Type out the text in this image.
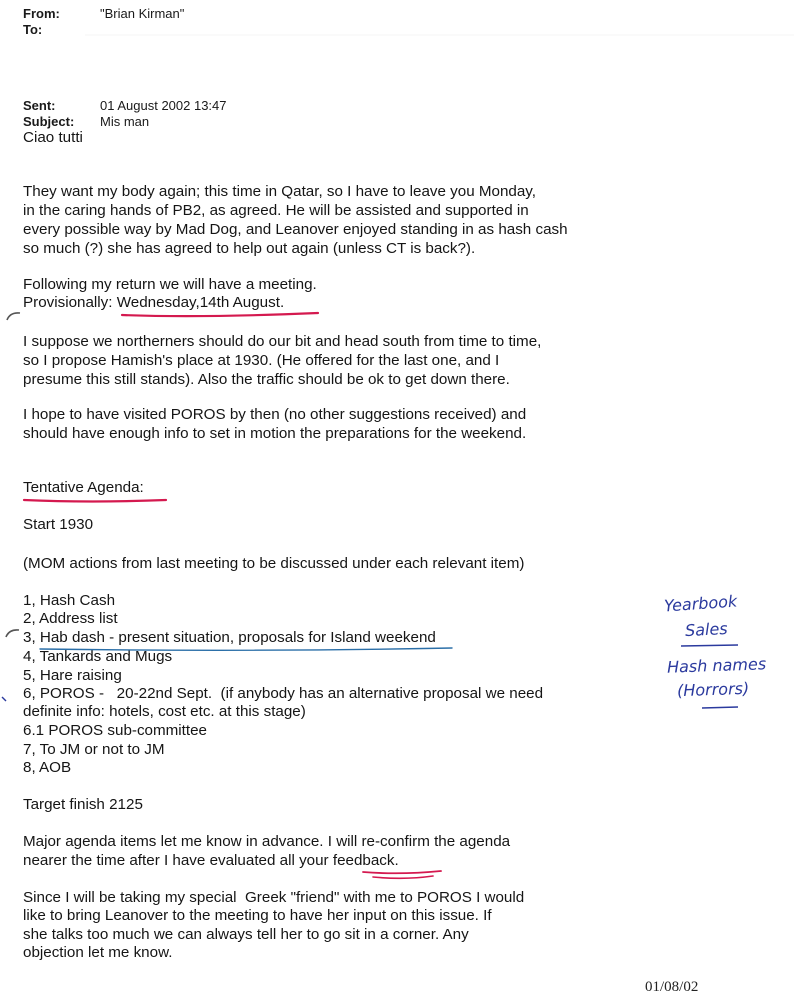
From:	"Brian Kirman"
To:
Sent:	01 August 2002 13:47
Subject: Mis man
Ciao tutti
They want my body again; this time in Qatar, so I have to leave you Monday,
in the caring hands of PB2, as agreed. He will be assisted and supported in
every possible way by Mad Dog, and Leanover enjoyed standing in as hash cash
so much (?) she has agreed to help out again (unless CT is back?).
Following my return we will have a meeting.
Provisionally: Wednesday,14th August.
I suppose we northerners should do our bit and head south from time to time,
so I propose Hamish's place at 1930. (He offered for the last one, and I
presume this still stands). Also the traffic should be ok to get down there.
I hope to have visited POROS by then (no other suggestions received) and
should have enough info to set in motion the preparations for the weekend.
Tentative Agenda:
Start 1930
(MOM actions from last meeting to be discussed under each relevant item)
1, Hash Cash
2, Address list
3, Hab dash - present situation, proposals for Island weekend
4, Tankards and Mugs
5, Hare raising
6, POROS -   20-22nd Sept.  (if anybody has an alternative proposal we need
definite info: hotels, cost etc. at this stage)
6.1 POROS sub-committee
7, To JM or not to JM
8, AOB
Target finish 2125
Major agenda items let me know in advance. I will re-confirm the agenda
nearer the time after I have evaluated all your feedback.
Since I will be taking my special  Greek "friend" with me to POROS I would
like to bring Leanover to the meeting to have her input on this issue. If
she talks too much we can always tell her to go sit in a corner. Any
objection let me know.
Yearbook
Sales
Hash names
(Horrors)
01/08/02
